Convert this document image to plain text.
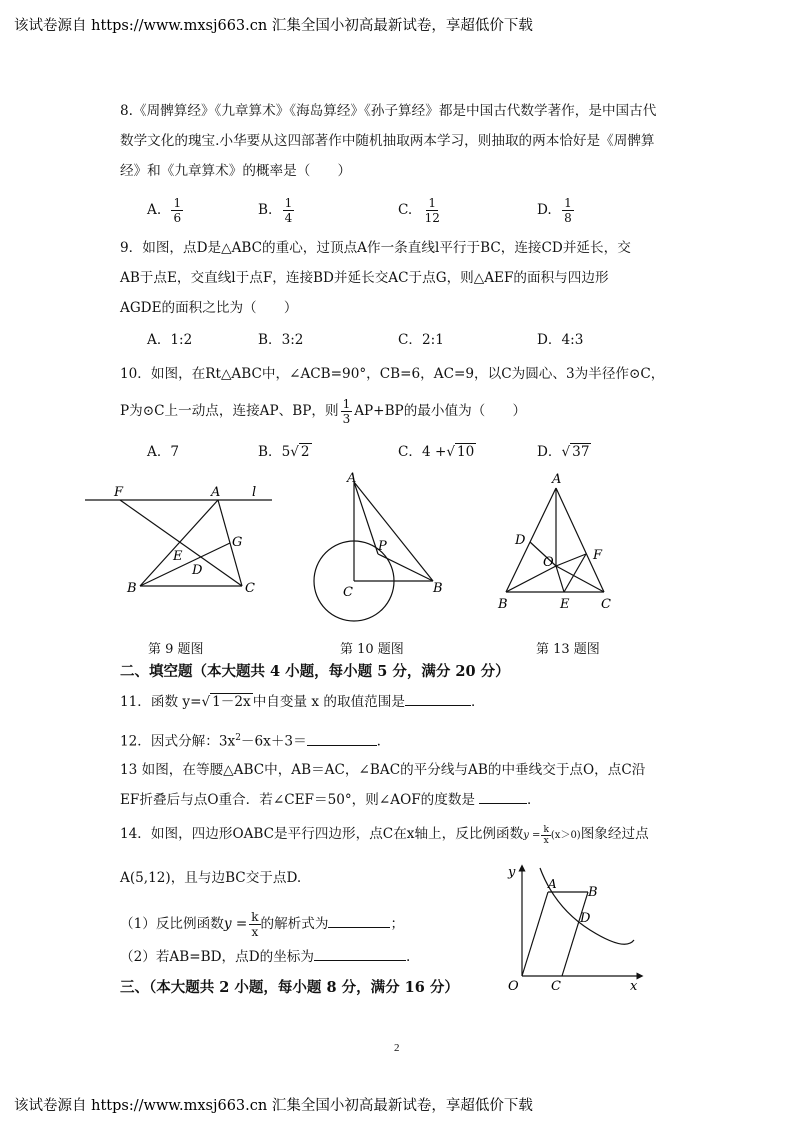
该试卷源自 https://www.mxsj663.cn 汇集全国小初高最新试卷，享超低价下载
8.《周髀算经》《九章算术》《海岛算经》《孙子算经》都是中国古代数学著作，是中国古代
数学文化的瑰宝.小华要从这四部著作中随机抽取两本学习，则抽取的两本恰好是《周髀算
经》和《九章算术》的概率是（　　）
A. $\frac{1}{6}$	B. $\frac{1}{4}$	C. $\frac{1}{12}$	D. $\frac{1}{8}$
9．如图，点D是△ABC的重心，过顶点A作一条直线l平行于BC，连接CD并延长，交
AB于点E，交直线l于点F，连接BD并延长交AC于点G，则△AEF的面积与四边形
AGDE的面积之比为（　　）
A．1:2	B．3:2	C．2:1	D．4:3
10．如图，在Rt△ABC中，∠ACB=90°，CB=6，AC=9，以C为圆心、3为半径作⊙C，
P为⊙C上一动点，连接AP、BP，则 $\frac{1}{3} AP+BP$的最小值为（　　）
A．7	B．5√ 2	C．4 +√ 10	D．√ 37
F	A l
G
E
D
B	C
第 9 题图
A
P
C	B
第 10 题图
A
D
F
O
B	E C
第 13 题图
二、填空题（本大题共 4 小题，每小题 5 分，满分 20 分）
11．函数 y=√ 1－2x 中自变量 x 的取值范围是	．
12．因式分解：$3x^2-6x+3=$	.
13 如图，在等腰△ABC中，AB＝AC，∠BAC的平分线与AB的中垂线交于点O，点C沿
EF折叠后与点O重合．若∠CEF＝50°，则∠AOF的度数是	．
14．如图，四边形OABC是平行四边形，点C在x轴上，反比例函数$y = \frac{k}{x} (x>0)$图象经过点
A(5,12)，且与边BC交于点D.
（1）反比例函数$y = \frac{k}{x}$ 的解析式为	；
（2）若AB=BD，点D的坐标为	.
y
A
B
D
O C	x
三、（本大题共 2 小题，每小题 8 分，满分 16 分）
2
该试卷源自 https://www.mxsj663.cn 汇集全国小初高最新试卷，享超低价下载
